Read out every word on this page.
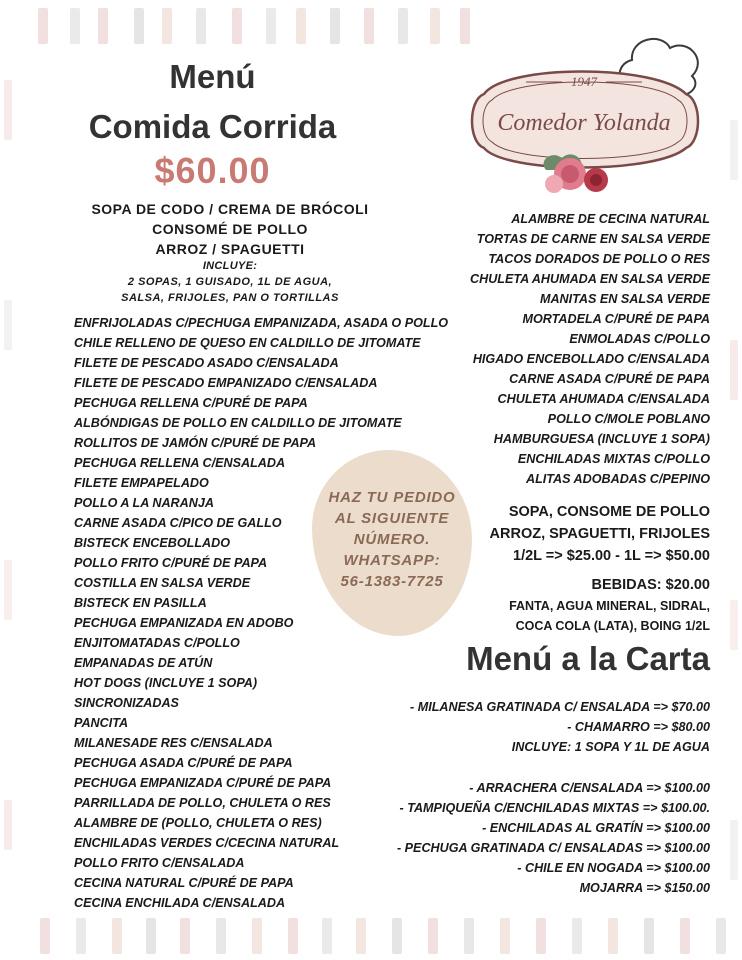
Menú
Comida Corrida
$60.00
SOPA DE CODO / CREMA DE BRÓCOLI
CONSOMÉ DE POLLO
ARROZ / SPAGUETTI
INCLUYE:
2 SOPAS, 1 GUISADO, 1L DE AGUA,
SALSA, FRIJOLES, PAN O TORTILLAS
1947
Comedor Yolanda
ENFRIJOLADAS C/PECHUGA EMPANIZADA, ASADA O POLLO
CHILE RELLENO DE QUESO EN CALDILLO DE JITOMATE
FILETE DE PESCADO ASADO C/ENSALADA
FILETE DE PESCADO EMPANIZADO C/ENSALADA
PECHUGA RELLENA C/PURÉ DE PAPA
ALBÓNDIGAS DE POLLO EN CALDILLO DE JITOMATE
ROLLITOS DE JAMÓN C/PURÉ DE PAPA
PECHUGA RELLENA C/ENSALADA
FILETE EMPAPELADO
POLLO A LA NARANJA
CARNE ASADA C/PICO DE GALLO
BISTECK ENCEBOLLADO
POLLO FRITO C/PURÉ DE PAPA
COSTILLA EN SALSA VERDE
BISTECK EN PASILLA
PECHUGA EMPANIZADA EN ADOBO
ENJITOMATADAS C/POLLO
EMPANADAS DE ATÚN
HOT DOGS (INCLUYE 1 SOPA)
SINCRONIZADAS
PANCITA
MILANESADE RES C/ENSALADA
PECHUGA ASADA C/PURÉ DE PAPA
PECHUGA EMPANIZADA C/PURÉ DE PAPA
PARRILLADA DE POLLO, CHULETA O RES
ALAMBRE DE (POLLO, CHULETA O RES)
ENCHILADAS VERDES C/CECINA NATURAL
POLLO FRITO C/ENSALADA
CECINA NATURAL C/PURÉ DE PAPA
CECINA ENCHILADA C/ENSALADA
ALAMBRE DE CECINA NATURAL
TORTAS DE CARNE EN SALSA VERDE
TACOS DORADOS DE POLLO O RES
CHULETA AHUMADA EN SALSA VERDE
MANITAS EN SALSA VERDE
MORTADELA C/PURÉ DE PAPA
ENMOLADAS C/POLLO
HIGADO ENCEBOLLADO C/ENSALADA
CARNE ASADA C/PURÉ DE PAPA
CHULETA AHUMADA C/ENSALADA
POLLO C/MOLE POBLANO
HAMBURGUESA (INCLUYE 1 SOPA)
ENCHILADAS MIXTAS C/POLLO
ALITAS ADOBADAS C/PEPINO
HAZ TU PEDIDO
AL SIGUIENTE
NÚMERO.
WHATSAPP:
56-1383-7725
SOPA, CONSOME DE POLLO
ARROZ, SPAGUETTI, FRIJOLES
1/2L => $25.00 - 1L => $50.00
BEBIDAS: $20.00
FANTA, AGUA MINERAL, SIDRAL,
COCA COLA (LATA), BOING 1/2L
Menú a la Carta
- MILANESA GRATINADA C/ ENSALADA => $70.00
- CHAMARRO => $80.00
INCLUYE: 1 SOPA Y 1L DE AGUA
- ARRACHERA C/ENSALADA => $100.00
- TAMPIQUEÑA C/ENCHILADAS MIXTAS => $100.00.
- ENCHILADAS AL GRATÍN => $100.00
- PECHUGA GRATINADA C/ ENSALADAS => $100.00
- CHILE EN NOGADA => $100.00
MOJARRA => $150.00
